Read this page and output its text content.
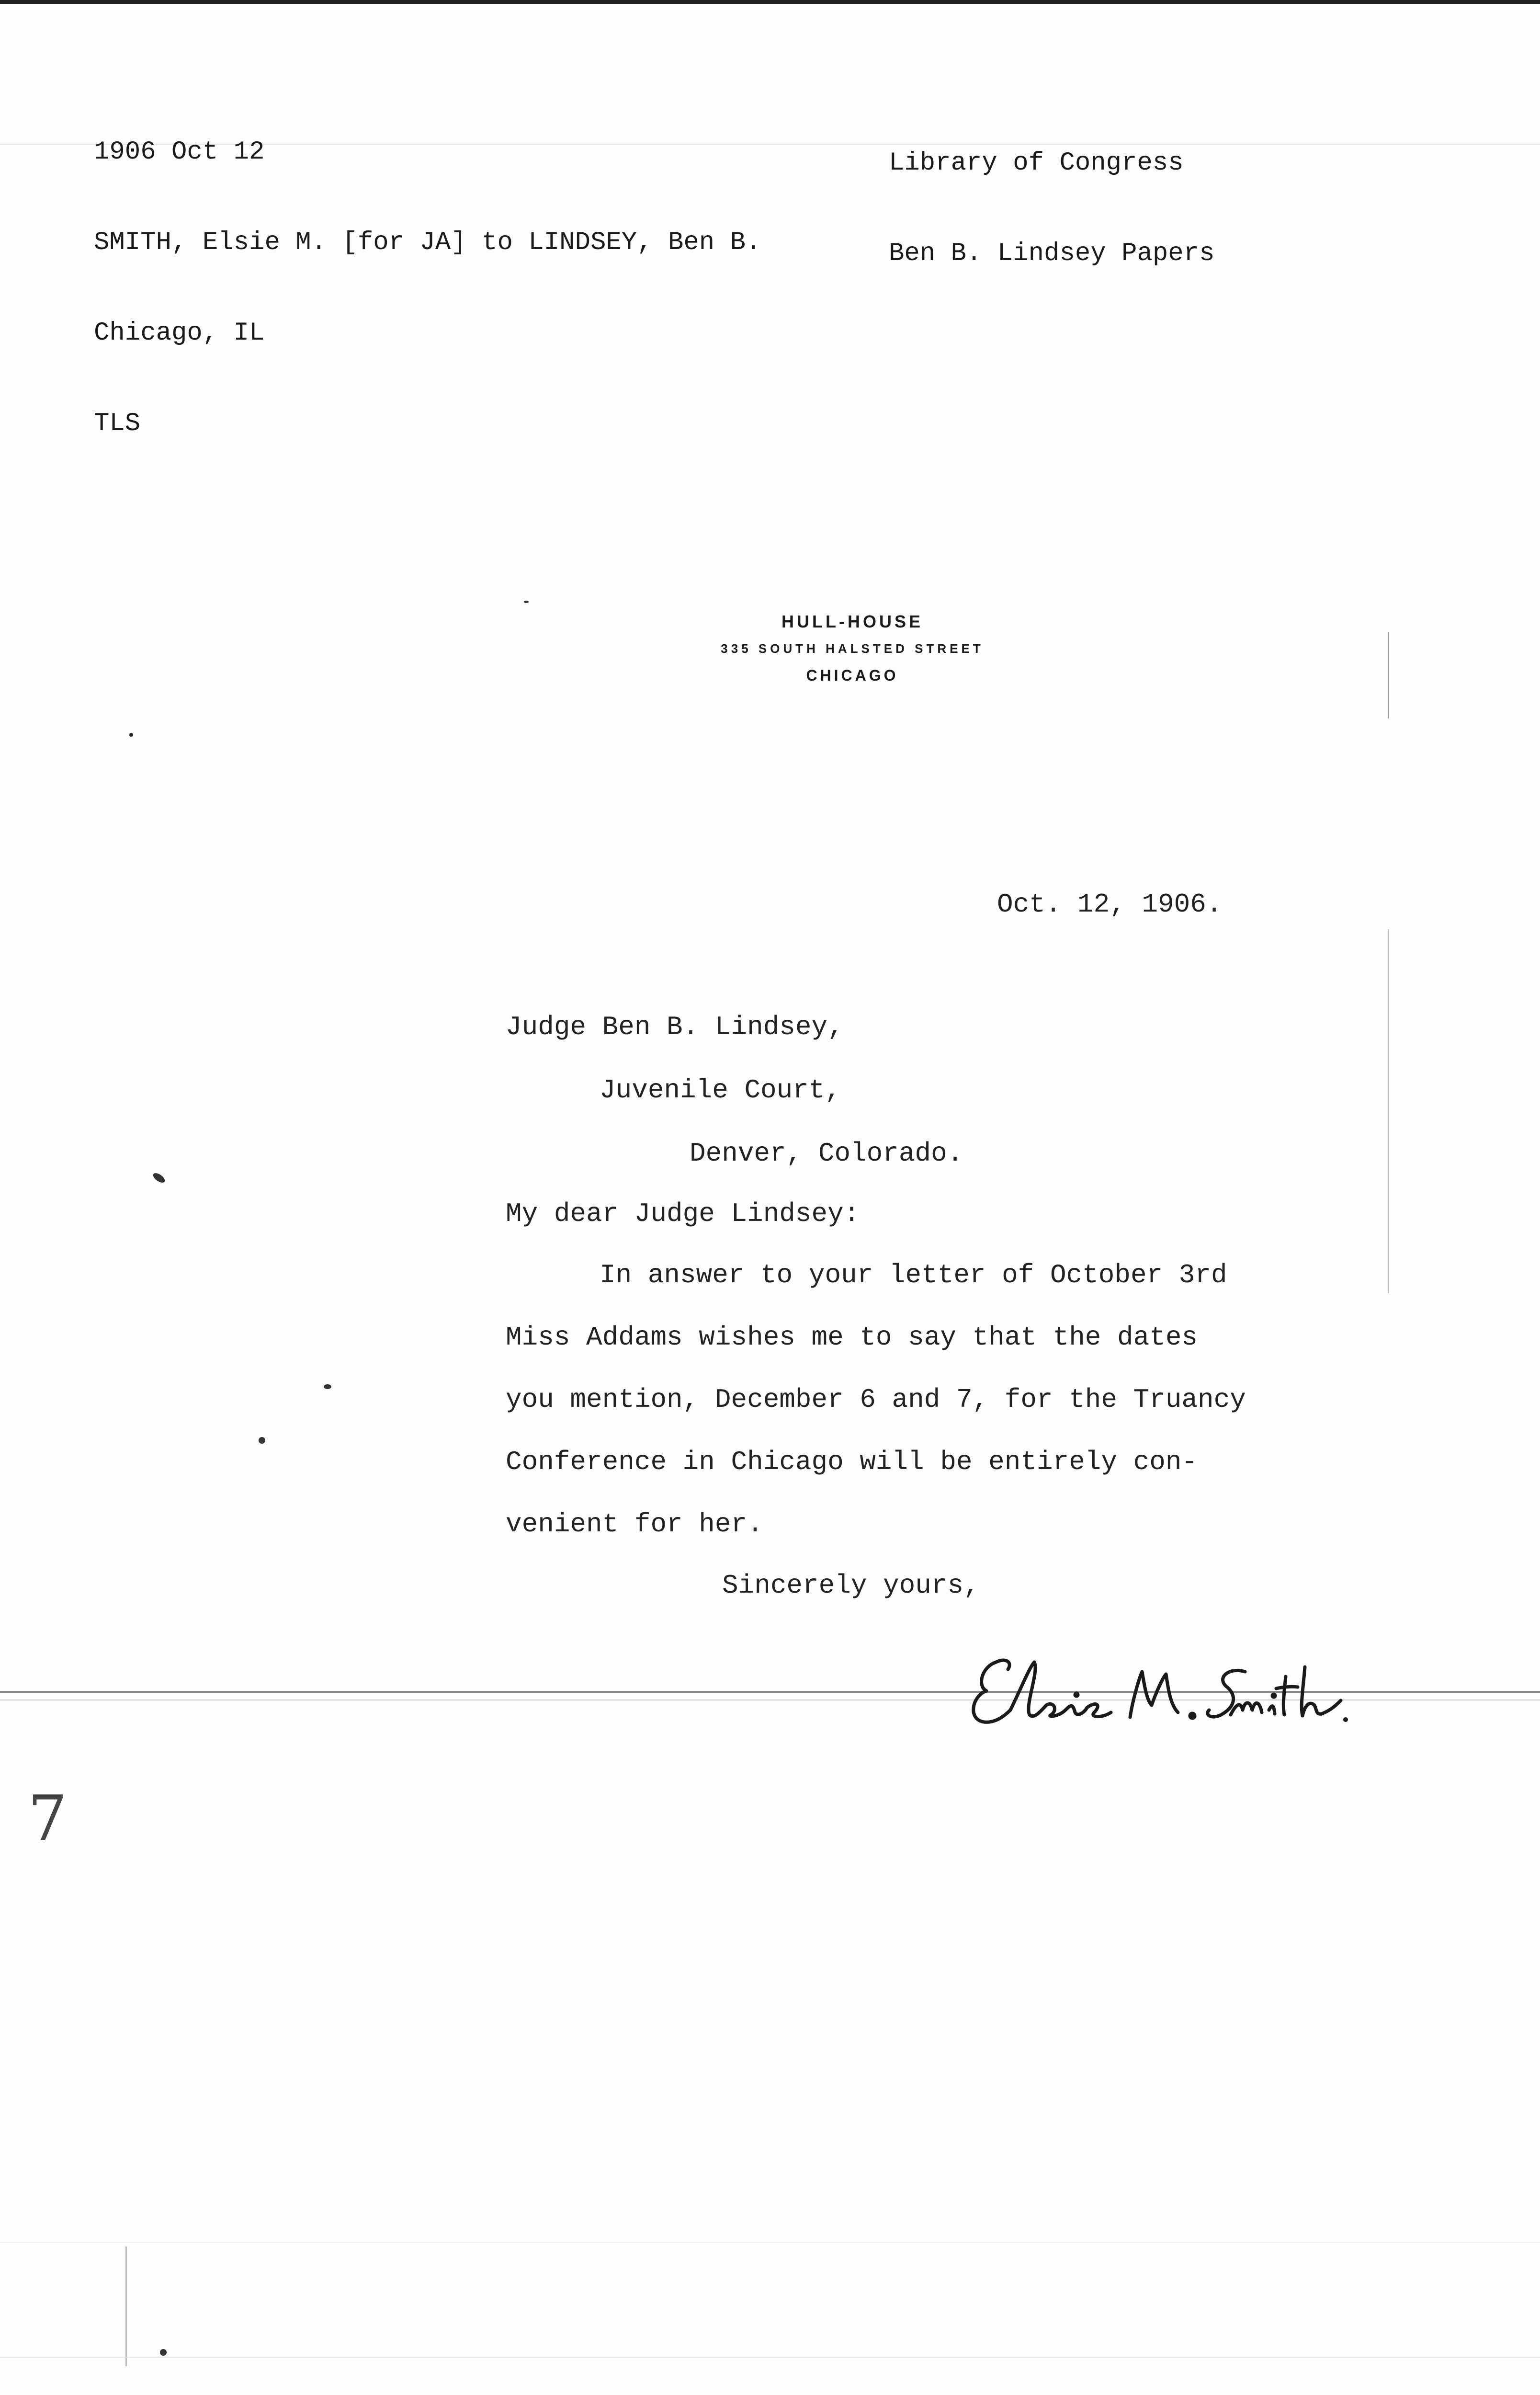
1906 Oct 12

SMITH, Elsie M. [for JA] to LINDSEY, Ben B.

Chicago, IL

TLS

Library of Congress

Ben B. Lindsey Papers

HULL-HOUSE
335 SOUTH HALSTED STREET
CHICAGO
Oct. 12, 1906.
Judge Ben B. Lindsey,
Juvenile Court,
Denver, Colorado.
My dear Judge Lindsey:
In answer to your letter of October 3rd
Miss Addams wishes me to say that the dates
you mention, December 6 and 7, for the Truancy
Conference in Chicago will be entirely con-
venient for her.
Sincerely yours,
Elsie M. Smith
7
